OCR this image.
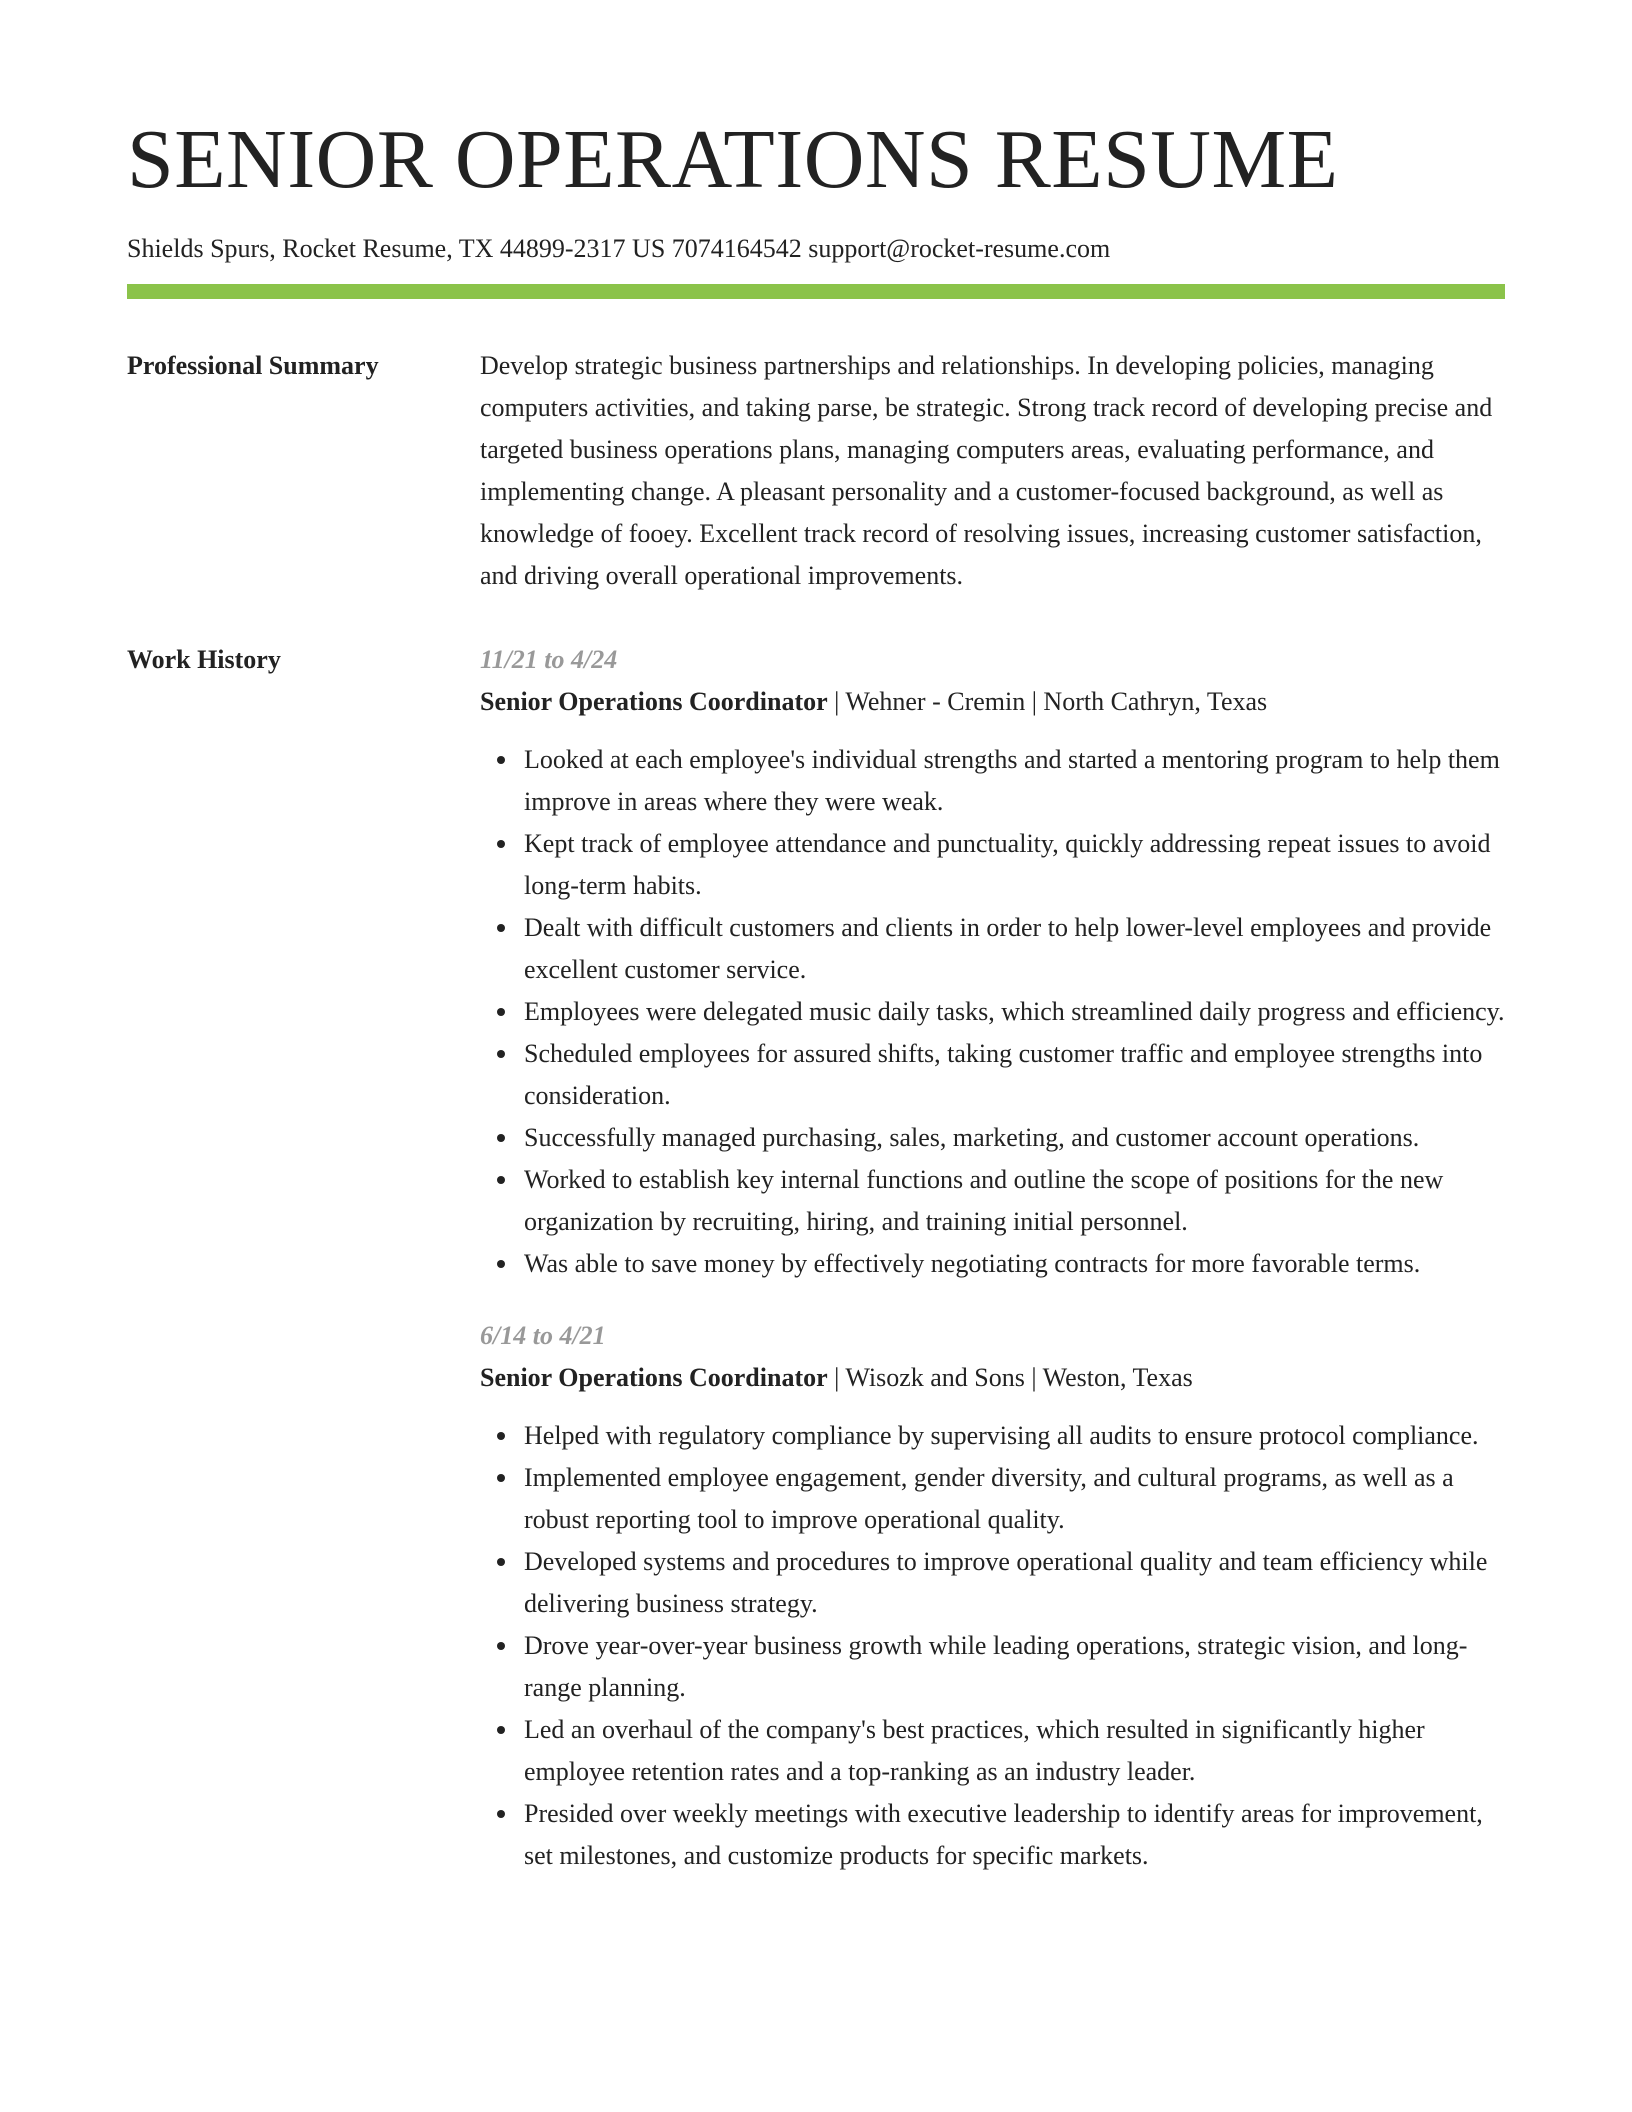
SENIOR OPERATIONS RESUME
Shields Spurs, Rocket Resume, TX 44899-2317 US 7074164542 support@rocket-resume.com
Professional Summary	Develop strategic business partnerships and relationships. In developing policies, managing computers activities, and taking parse, be strategic. Strong track record of developing precise and targeted business operations plans, managing computers areas, evaluating performance, and implementing change. A pleasant personality and a customer-focused background, as well as knowledge of fooey. Excellent track record of resolving issues, increasing customer satisfaction, and driving overall operational improvements.

Work History	11/21 to 4/24
Senior Operations Coordinator | Wehner - Cremin | North Cathryn, Texas
Looked at each employee's individual strengths and started a mentoring program to help them improve in areas where they were weak.
Kept track of employee attendance and punctuality, quickly addressing repeat issues to avoid long-term habits.
Dealt with difficult customers and clients in order to help lower-level employees and provide excellent customer service.
Employees were delegated music daily tasks, which streamlined daily progress and efficiency.
Scheduled employees for assured shifts, taking customer traffic and employee strengths into consideration.
Successfully managed purchasing, sales, marketing, and customer account operations.
Worked to establish key internal functions and outline the scope of positions for the new organization by recruiting, hiring, and training initial personnel.
Was able to save money by effectively negotiating contracts for more favorable terms.
6/14 to 4/21
Senior Operations Coordinator | Wisozk and Sons | Weston, Texas
Helped with regulatory compliance by supervising all audits to ensure protocol compliance.
Implemented employee engagement, gender diversity, and cultural programs, as well as a robust reporting tool to improve operational quality.
Developed systems and procedures to improve operational quality and team efficiency while delivering business strategy.
Drove year-over-year business growth while leading operations, strategic vision, and long-range planning.
Led an overhaul of the company's best practices, which resulted in significantly higher employee retention rates and a top-ranking as an industry leader.
Presided over weekly meetings with executive leadership to identify areas for improvement, set milestones, and customize products for specific markets.
